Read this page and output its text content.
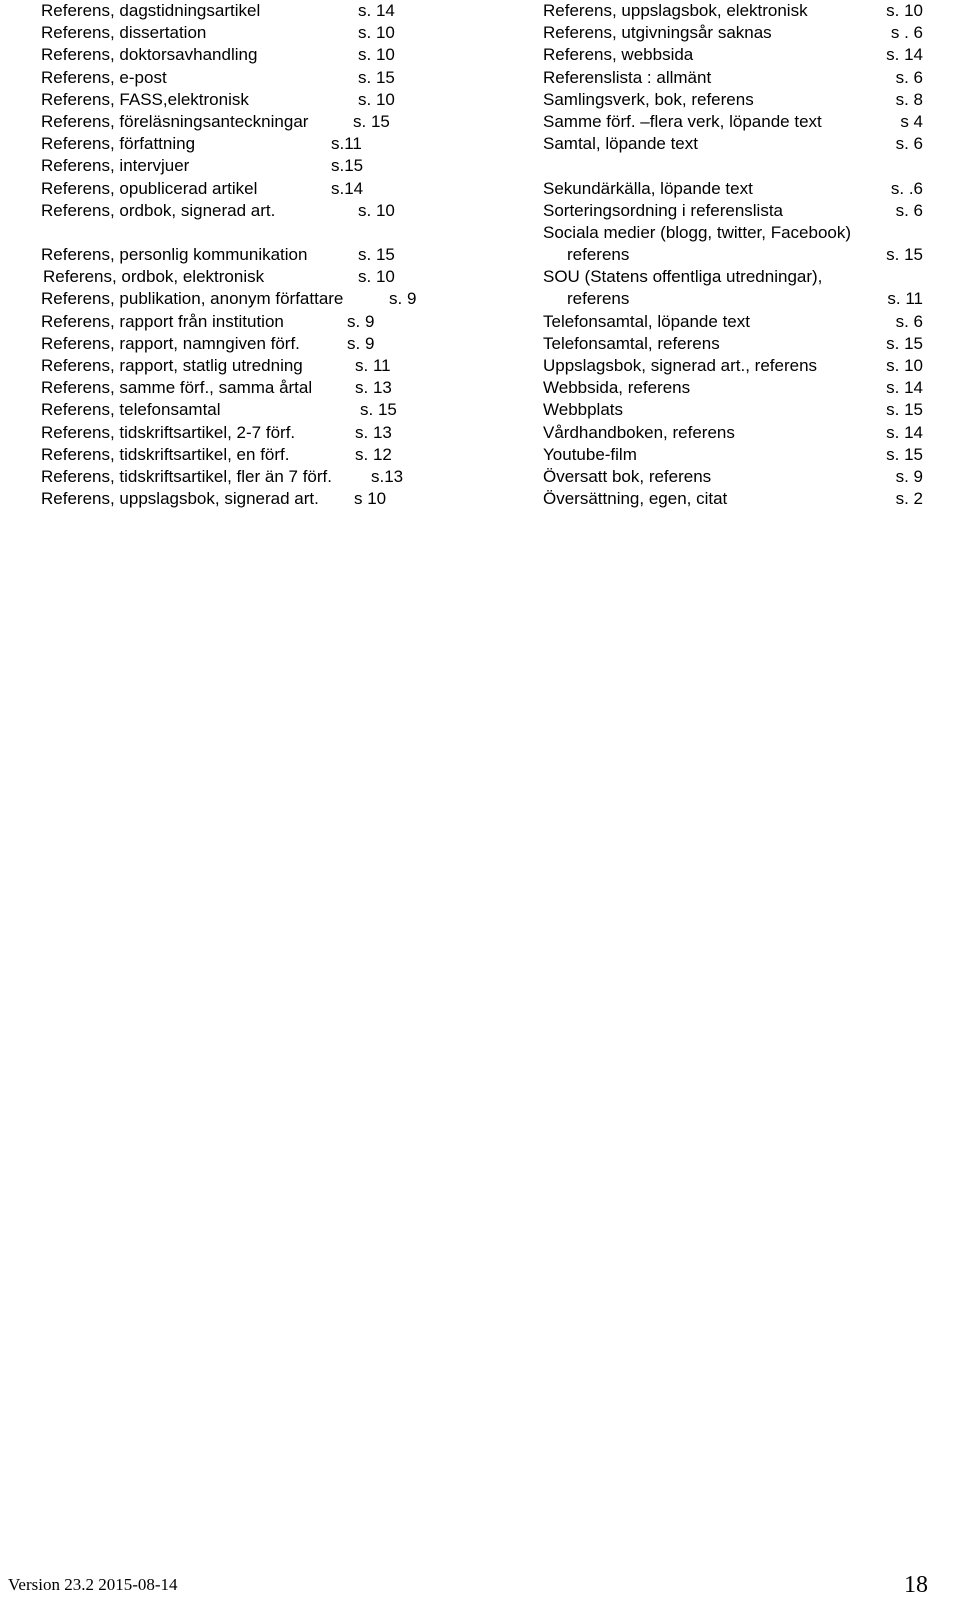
Referens, dagstidningsartikel	s. 14
Referens, dissertation	s. 10
Referens, doktorsavhandling	s. 10
Referens, e-post	s. 15
Referens, FASS,elektronisk	s. 10
Referens, föreläsningsanteckningar	s. 15
Referens, författning	s.11
Referens, intervjuer	s.15
Referens, opublicerad artikel	s.14
Referens, ordbok, signerad art.	s. 10
Referens, personlig kommunikation	s. 15
Referens, ordbok, elektronisk	s. 10
Referens, publikation, anonym författare	s. 9
Referens, rapport från institution	s. 9
Referens, rapport, namngiven förf.	s. 9
Referens, rapport, statlig utredning	s. 11
Referens, samme förf., samma årtal	s. 13
Referens, telefonsamtal	s. 15
Referens, tidskriftsartikel, 2-7 förf.	s. 13
Referens, tidskriftsartikel, en förf.	s. 12
Referens, tidskriftsartikel, fler än 7 förf. s.13
Referens, uppslagsbok, signerad art. s 10
Referens, uppslagsbok, elektronisk	s. 10
Referens, utgivningsår saknas	s . 6
Referens, webbsida	s. 14
Referenslista : allmänt	s. 6
Samlingsverk, bok, referens	s. 8
Samme förf. –flera verk, löpande text	s 4
Samtal, löpande text	s. 6
Sekundärkälla, löpande text	s. .6
Sorteringsordning i referenslista	s. 6
Sociala medier (blogg, twitter, Facebook)
referens	s. 15
SOU (Statens offentliga utredningar),
referens	s. 11
Telefonsamtal, löpande text	s. 6
Telefonsamtal, referens	s. 15
Uppslagsbok, signerad art., referens	s. 10
Webbsida, referens	s. 14
Webbplats	s. 15
Vårdhandboken, referens	s. 14
Youtube-film	s. 15
Översatt bok, referens	s. 9
Översättning, egen, citat	s. 2
Version 23.2 2015-08-14	18
